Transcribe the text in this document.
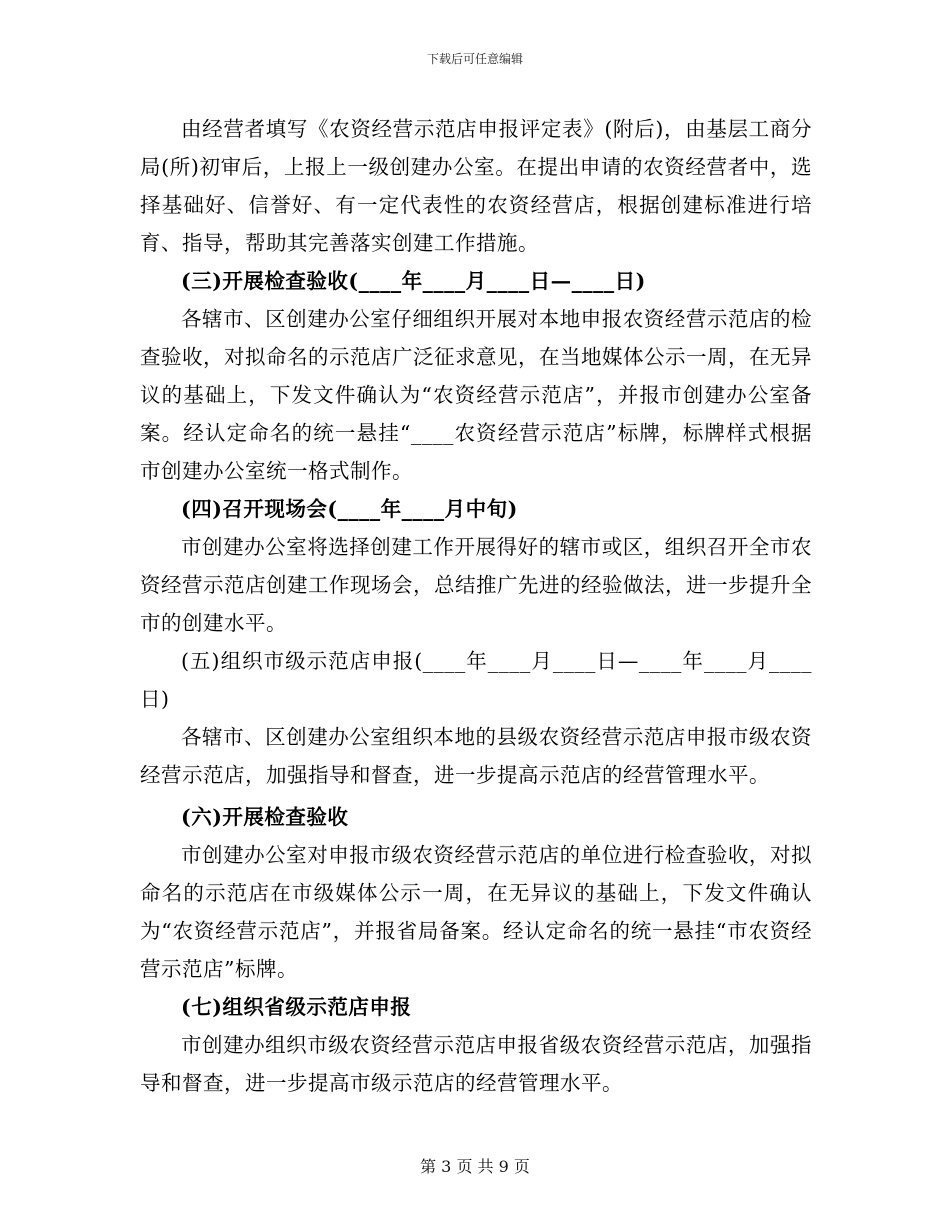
下载后可任意编辑

由经营者填写《农资经营示范店申报评定表》(附后)，由基层工商分局(所)初审后，上报上一级创建办公室。在提出申请的农资经营者中，选择基础好、信誉好、有一定代表性的农资经营店，根据创建标准进行培育、指导，帮助其完善落实创建工作措施。

(三)开展检查验收(____年____月____日—____日)

各辖市、区创建办公室仔细组织开展对本地申报农资经营示范店的检查验收，对拟命名的示范店广泛征求意见，在当地媒体公示一周，在无异议的基础上，下发文件确认为“农资经营示范店”，并报市创建办公室备案。经认定命名的统一悬挂“____农资经营示范店”标牌，标牌样式根据市创建办公室统一格式制作。

(四)召开现场会(____年____月中旬)

市创建办公室将选择创建工作开展得好的辖市或区，组织召开全市农资经营示范店创建工作现场会，总结推广先进的经验做法，进一步提升全市的创建水平。

(五)组织市级示范店申报(____年____月____日—____年____月____日)

各辖市、区创建办公室组织本地的县级农资经营示范店申报市级农资经营示范店，加强指导和督查，进一步提高示范店的经营管理水平。

(六)开展检查验收

市创建办公室对申报市级农资经营示范店的单位进行检查验收，对拟命名的示范店在市级媒体公示一周，在无异议的基础上，下发文件确认为“农资经营示范店”，并报省局备案。经认定命名的统一悬挂“市农资经营示范店”标牌。

(七)组织省级示范店申报

市创建办组织市级农资经营示范店申报省级农资经营示范店，加强指导和督查，进一步提高市级示范店的经营管理水平。

第 3 页 共 9 页
